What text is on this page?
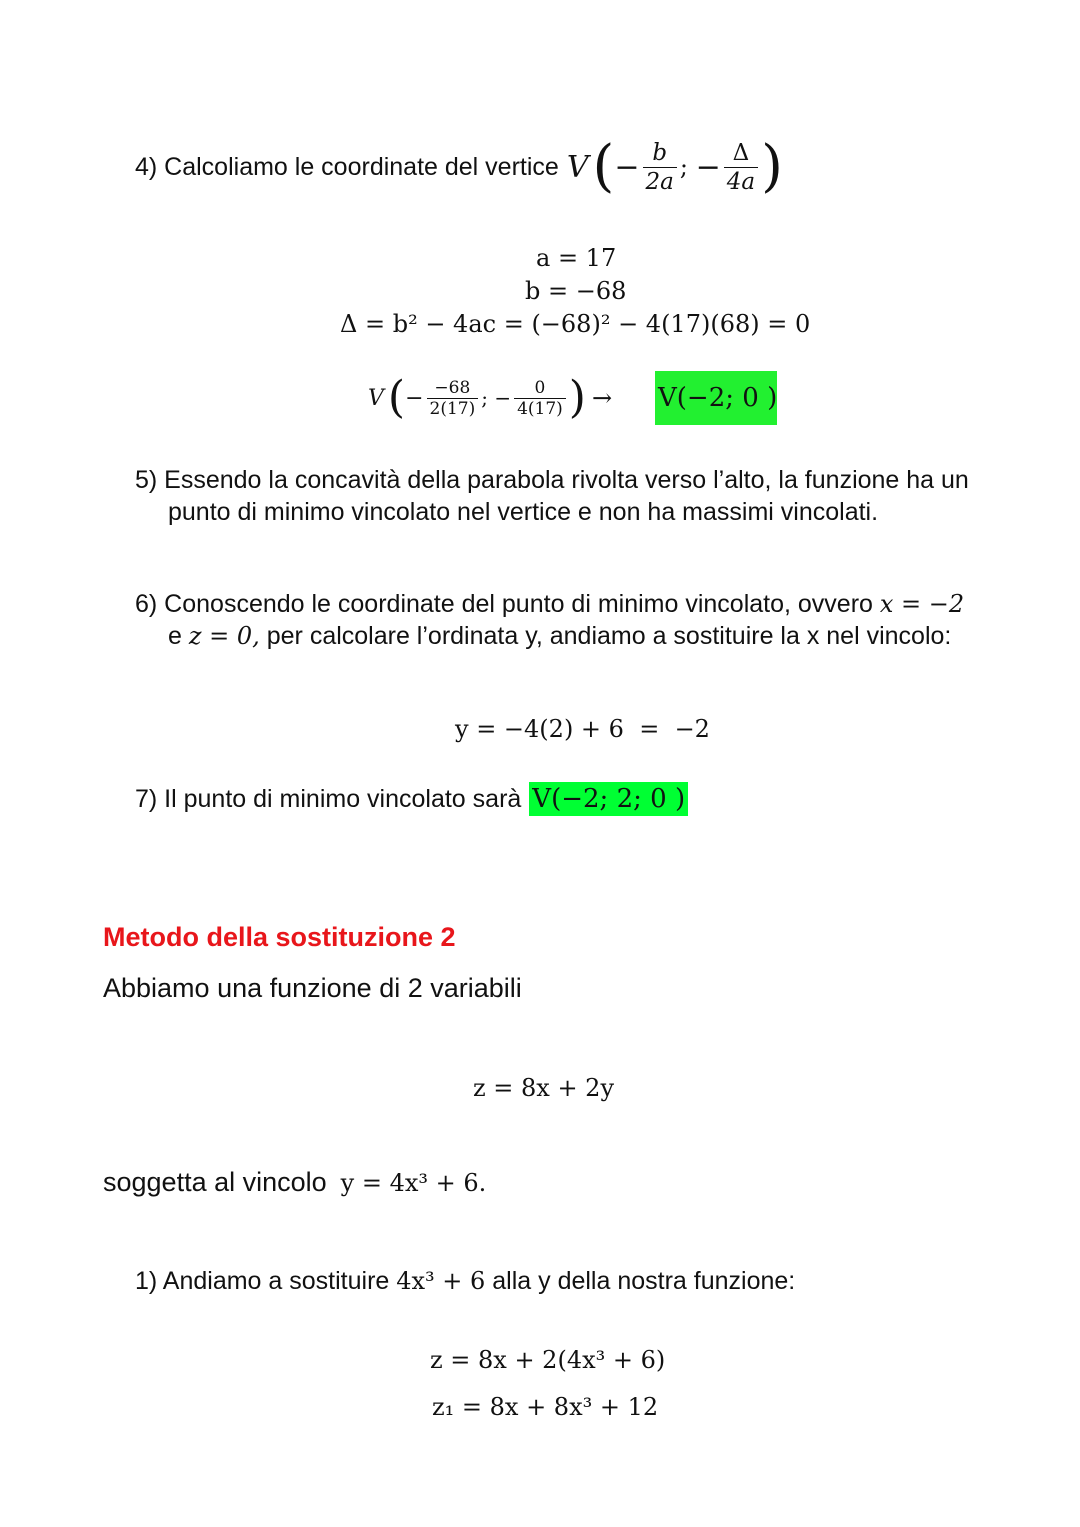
4) Calcoliamo le coordinate del vertice V ( − $\frac{b}{2a}$ ; − $\frac{\Delta}{4a}$ )
a = 17
b = −68
Δ = b² − 4ac = (−68)² − 4(17)(68) = 0
V ( − $\frac{-68}{2(17)}$ ; − $\frac{0}{4(17)}$ ) → V(−2; 0 )
5) Essendo la concavità della parabola rivolta verso l’alto, la funzione ha un
punto di minimo vincolato nel vertice e non ha massimi vincolati.
6) Conoscendo le coordinate del punto di minimo vincolato, ovvero x = −2
e z = 0, per calcolare l’ordinata y, andiamo a sostituire la x nel vincolo:
y = −4(2) + 6  =  −2
7) Il punto di minimo vincolato sarà V(−2; 2; 0 )
Metodo della sostituzione 2
Abbiamo una funzione di 2 variabili
z = 8x + 2y
soggetta al vincolo y = 4x³ + 6.
1) Andiamo a sostituire 4x³ + 6 alla y della nostra funzione:
z = 8x + 2(4x³ + 6)
z₁ = 8x + 8x³ + 12
